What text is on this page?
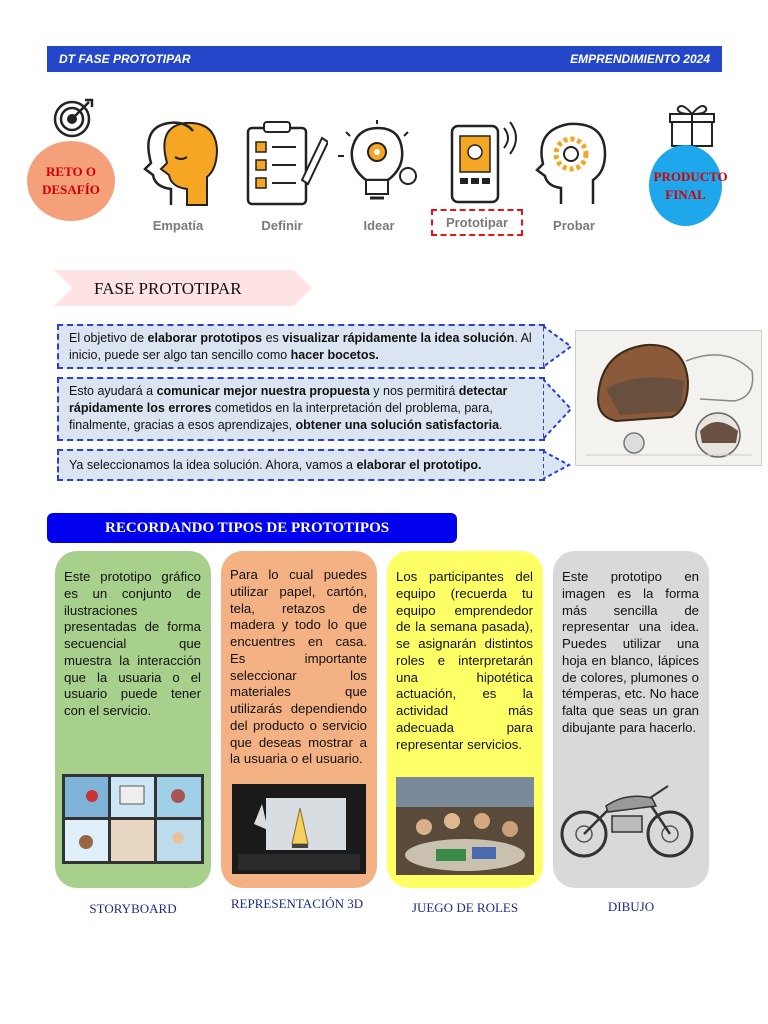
DT FASE PROTOTIPAR	EMPRENDIMIENTO 2024
RETO O DESAFÍO
PRODUCTO FINAL
Empatía	Definir	Idear	Prototipar	Probar
FASE PROTOTIPAR
El objetivo de elaborar prototipos es visualizar rápidamente la idea solución. Al inicio, puede ser algo tan sencillo como hacer bocetos.
Esto ayudará a comunicar mejor nuestra propuesta y nos permitirá detectar rápidamente los errores cometidos en la interpretación del problema, para, finalmente, gracias a esos aprendizajes, obtener una solución satisfactoria.
Ya seleccionamos la idea solución. Ahora, vamos a elaborar el prototipo.
RECORDANDO TIPOS DE PROTOTIPOS

Este prototipo gráfico es un conjunto de ilustraciones presentadas de forma secuencial que muestra la interacción que la usuaria o el usuario puede tener con el servicio.

STORYBOARD

Para lo cual puedes utilizar papel, cartón, tela, retazos de madera y todo lo que encuentres en casa. Es importante seleccionar los materiales que utilizarás dependiendo del producto o servicio que deseas mostrar a la usuaria o el usuario.

REPRESENTACIÓN 3D

Los participantes del equipo (recuerda tu equipo emprendedor de la semana pasada), se asignarán distintos roles e interpretarán una hipotética actuación, es la actividad más adecuada para representar servicios.

JUEGO DE ROLES

Este prototipo en imagen es la forma más sencilla de representar una idea. Puedes utilizar una hoja en blanco, lápices de colores, plumones o témperas, etc. No hace falta que seas un gran dibujante para hacerlo.

DIBUJO
